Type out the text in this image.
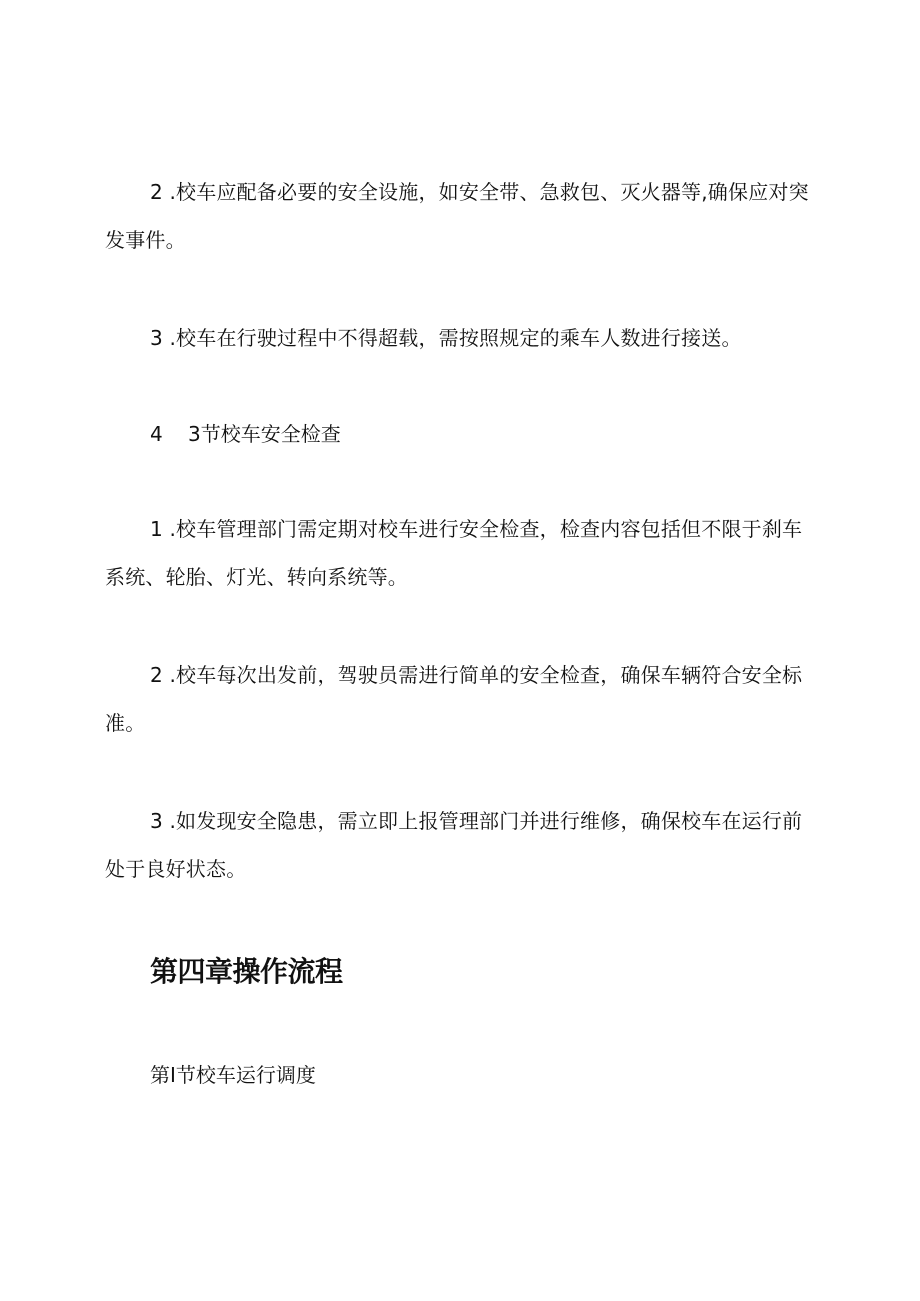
2 .校车应配备必要的安全设施，如安全带、急救包、灭火器等,确保应对突发事件。

3 .校车在行驶过程中不得超载，需按照规定的乘车人数进行接送。

4 3节校车安全检查

1 .校车管理部门需定期对校车进行安全检查，检查内容包括但不限于刹车系统、轮胎、灯光、转向系统等。

2 .校车每次出发前，驾驶员需进行简单的安全检查，确保车辆符合安全标准。

3 .如发现安全隐患，需立即上报管理部门并进行维修，确保校车在运行前处于良好状态。

第四章操作流程

第I节校车运行调度
